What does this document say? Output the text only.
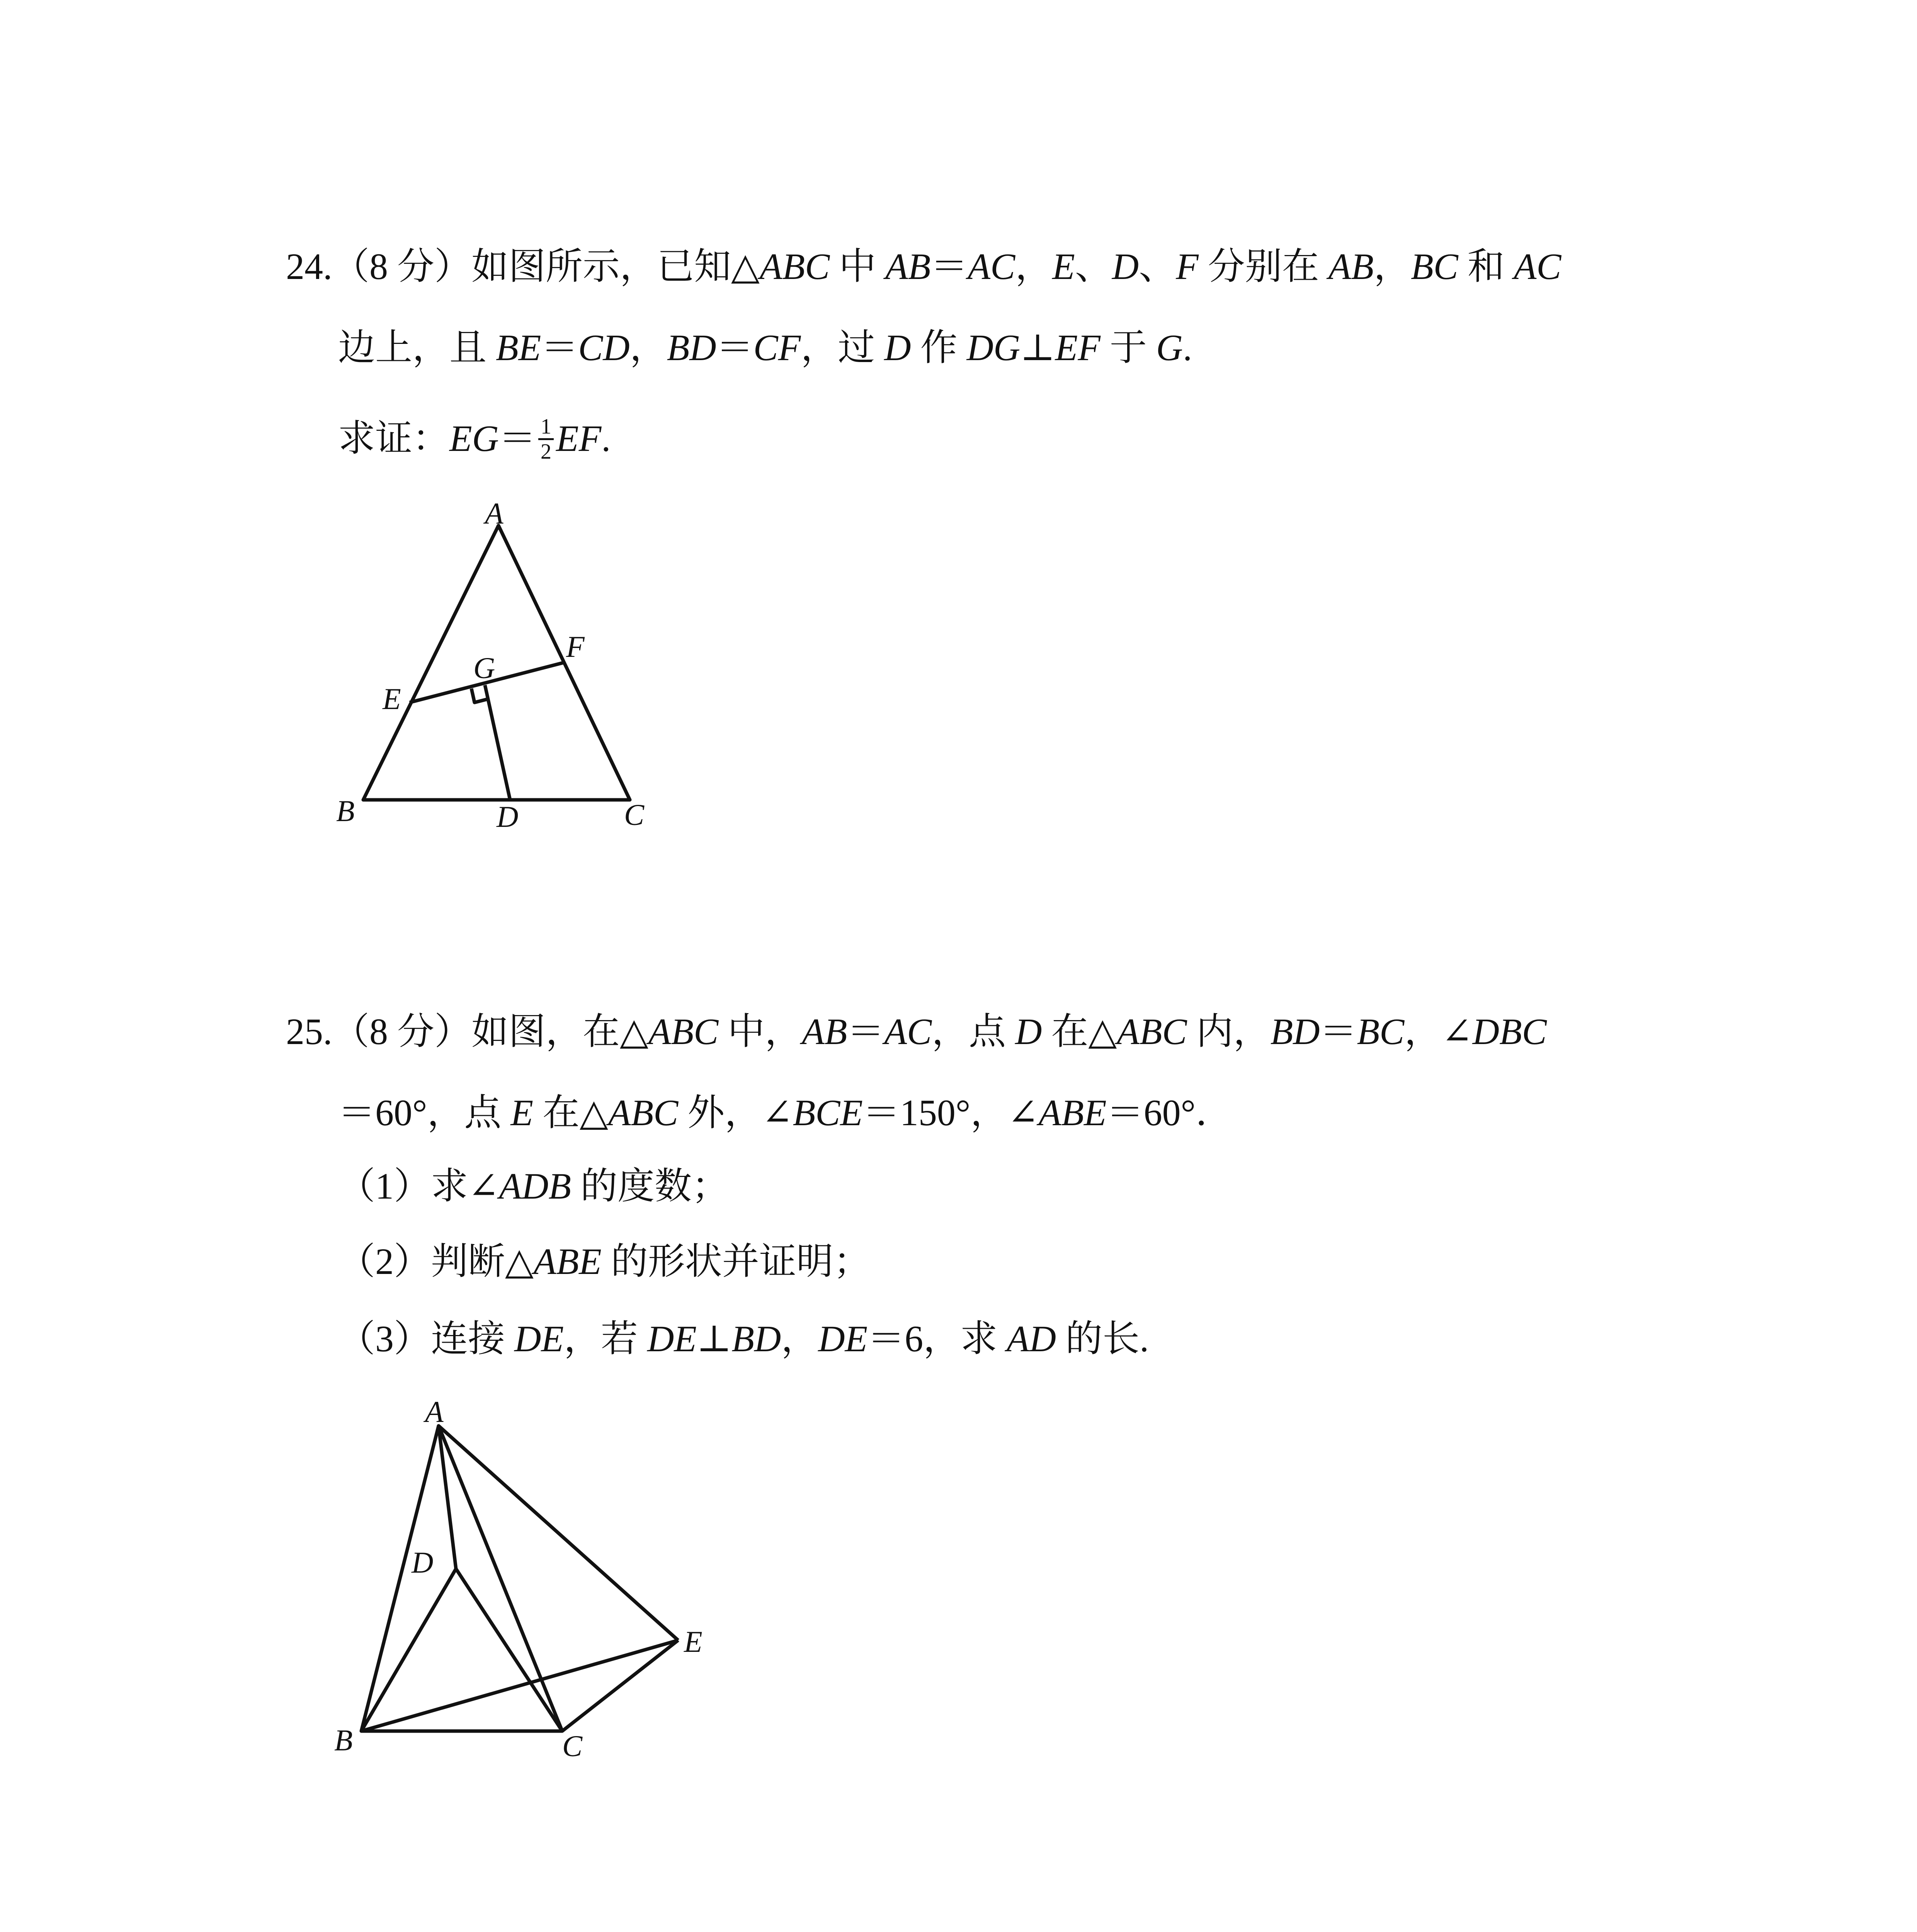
24.（8 分）如图所示，已知△ABC 中 AB＝AC，E、D、F 分别在 AB，BC 和 AC
边上，且 BE＝CD，BD＝CF，过 D 作 DG⊥EF 于 G.
求证：$EG= \frac{1}{2}$ EF.
A
B	C
D
E
F
G
25.（8 分）如图，在△ABC 中，AB＝AC，点 D 在△ABC 内，BD＝BC，∠DBC
＝60°，点 E 在△ABC 外，∠BCE＝150°，∠ABE＝60°．
（1）求∠ADB 的度数；
（2）判断△ABE 的形状并证明；
（3）连接 DE，若 DE⊥BD，DE＝6，求 AD 的长.
A
B	C
D
E
